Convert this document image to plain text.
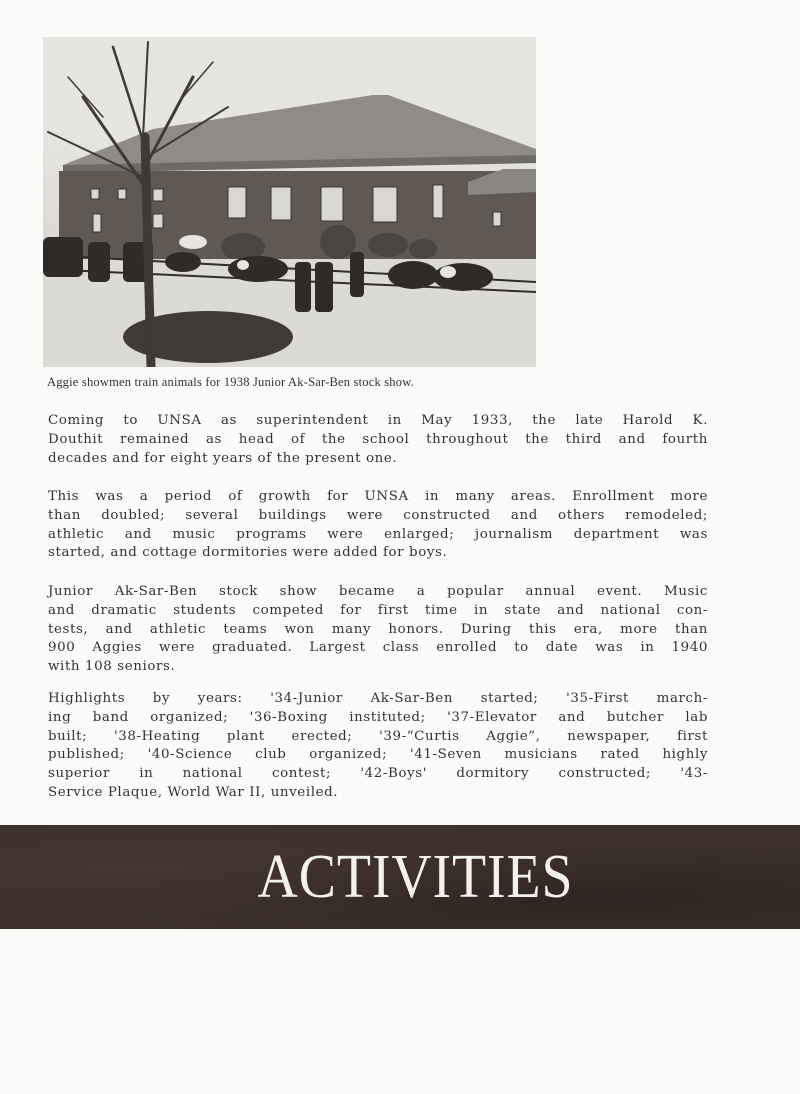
Aggie showmen train animals for 1938 Junior Ak-Sar-Ben stock show.
Coming to UNSA as superintendent in May 1933, the late Harold K.
Douthit remained as head of the school throughout the third and fourth
decades and for eight years of the present one.
This was a period of growth for UNSA in many areas. Enrollment more
than doubled; several buildings were constructed and others remodeled;
athletic and music programs were enlarged; journalism department was
started, and cottage dormitories were added for boys.
Junior Ak-Sar-Ben stock show became a popular annual event. Music
and dramatic students competed for first time in state and national con-
tests, and athletic teams won many honors. During this era, more than
900 Aggies were graduated. Largest class enrolled to date was in 1940
with 108 seniors.
Highlights by years: '34-Junior Ak-Sar-Ben started; '35-First march-
ing band organized; '36-Boxing instituted; '37-Elevator and butcher lab
built; '38-Heating plant erected; '39-“Curtis Aggie”, newspaper, first
published; '40-Science club organized; '41-Seven musicians rated highly
superior in national contest; '42-Boys' dormitory constructed; '43-
Service Plaque, World War II, unveiled.
ACTIVITIES
